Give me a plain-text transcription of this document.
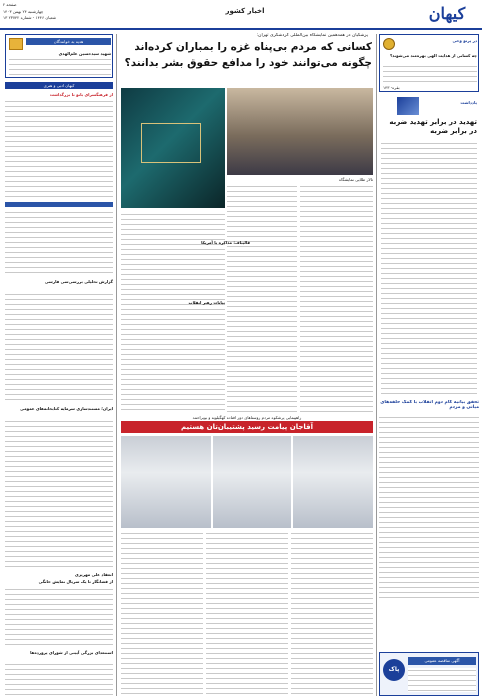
صفحه ۲
چهارشنبه ۲۴ بهمن ۱۴۰۳
۱۳ شعبان ۱۴۴۶ - شماره ۲۳۷۴۲
اخبار کشور	کیهان
هدیه به خوانندگان
شهید سیدحسین علم‌الهدی
کیهان ادبی و هنری
از فرهنگسرای بانو تا بزرگداشت
گزارش تحلیلی بررسی‌سی فارسی
ایران؛ مستندسازی سرمایه کتابخانه‌های عمومی
انعقاد علی مهریزی
از فضانگار تا یک‌ سریال نمایش خانگی
اسنتعدای بزرگی آیینی از شورای پرورده‌ها
پزشکیان در همدهمین نمایشگاه بین‌المللی گردشگری تهران:
کسانی که مردم بی‌پناه غزه را بمباران کرده‌اند
چگونه می‌توانند خود را مدافع حقوق بشر بدانند؟
تالار طلایی نمایشگاه
قالیباف: مذاکره با آمریکا
بیانات رهبر انقلاب
راهپیمایی پرشکوه مردم روستاهای دور افتاده کهگیلویه و بویراحمد
آقاجان پیامت رسید پشتیبان‌تان هستیم
در پرتو وحی
چه کسانی از هدایت الهی بهره‌مند می‌شوند؟
بقره- ۱۴۳
یادداشت
تهدید در برابر تهدید ضربه در برابر ضربه
تحقق بیانیه گام دوم انقلاب با کمک حلقه‌های میانی و مردم
پاک
آگهی مناقصه عمومی
